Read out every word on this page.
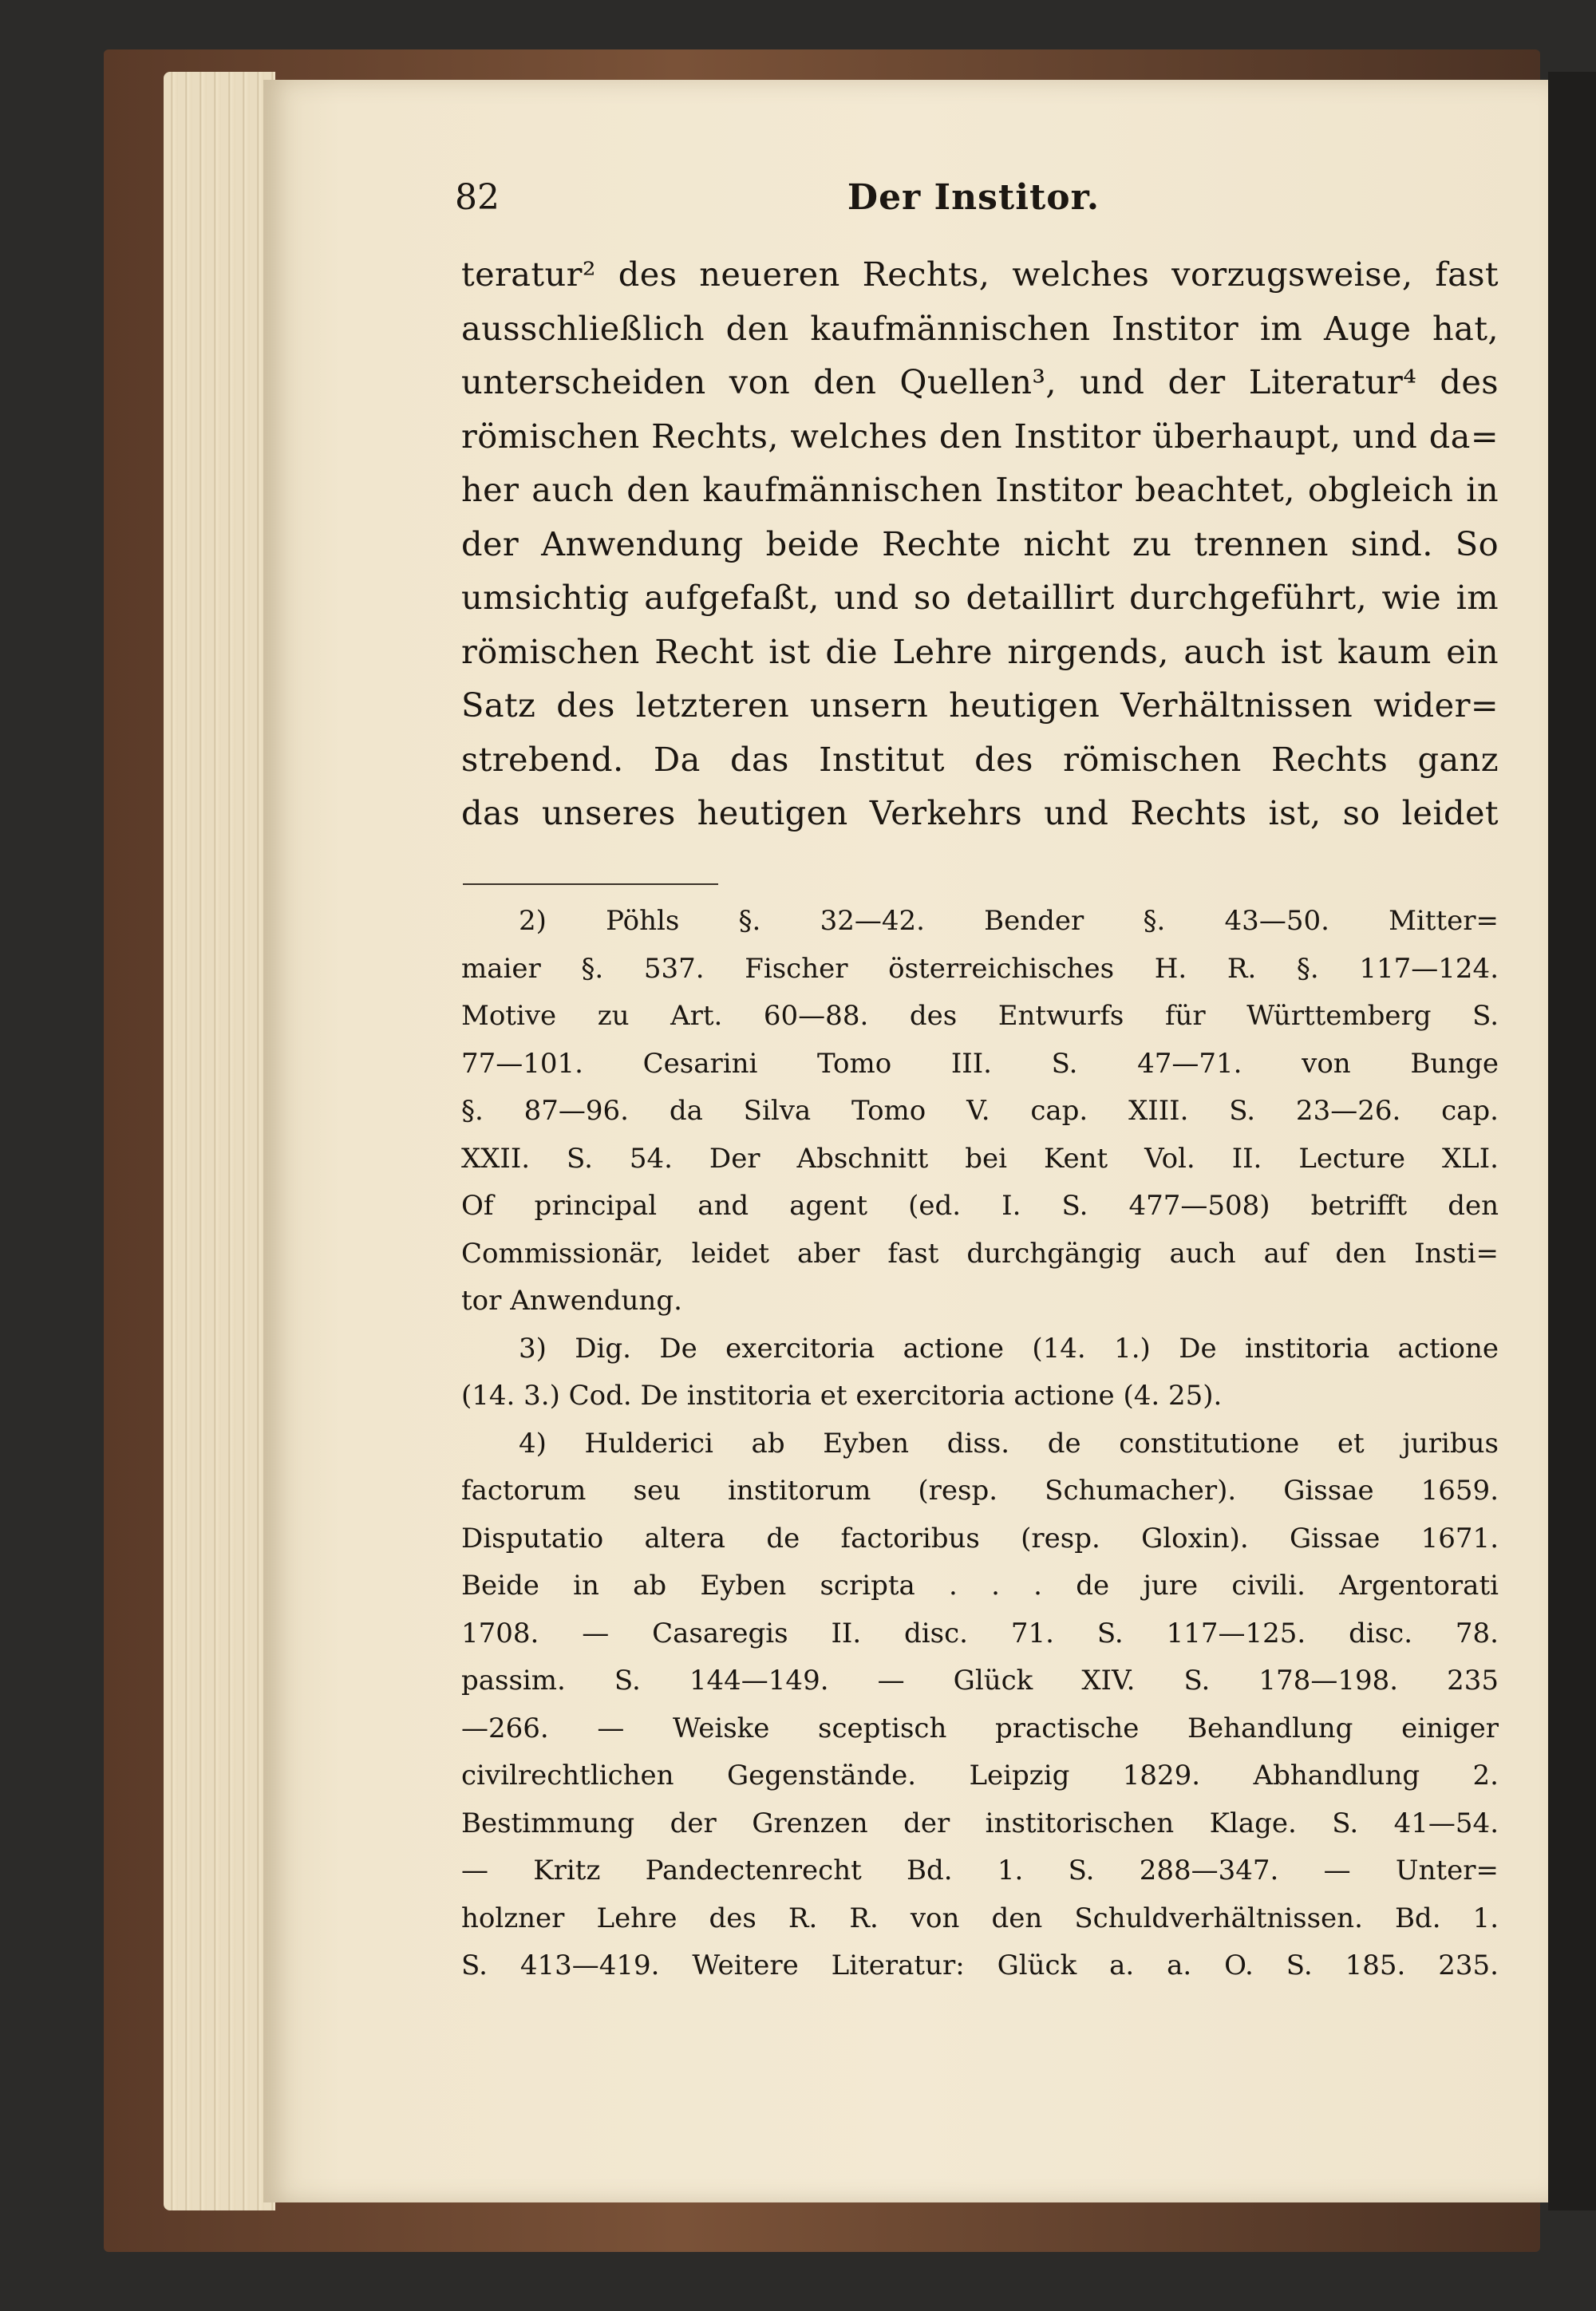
82	Der Institor.
teratur² des neueren Rechts, welches vorzugsweise, fast
ausschließlich den kaufmännischen Institor im Auge hat,
unterscheiden von den Quellen³, und der Literatur⁴ des
römischen Rechts, welches den Institor überhaupt, und da=
her auch den kaufmännischen Institor beachtet, obgleich in
der Anwendung beide Rechte nicht zu trennen sind. So
umsichtig aufgefaßt, und so detaillirt durchgeführt, wie im
römischen Recht ist die Lehre nirgends, auch ist kaum ein
Satz des letzteren unsern heutigen Verhältnissen wider=
strebend. Da das Institut des römischen Rechts ganz
das unseres heutigen Verkehrs und Rechts ist, so leidet
2) Pöhls §. 32—42. Bender §. 43—50. Mitter=
maier §. 537. Fischer österreichisches H. R. §. 117—124.
Motive zu Art. 60—88. des Entwurfs für Württemberg S.
77—101. Cesarini Tomo III. S. 47—71. von Bunge
§. 87—96. da Silva Tomo V. cap. XIII. S. 23—26. cap.
XXII. S. 54. Der Abschnitt bei Kent Vol. II. Lecture XLI.
Of principal and agent (ed. I. S. 477—508) betrifft den
Commissionär, leidet aber fast durchgängig auch auf den Insti=
tor Anwendung.
3) Dig. De exercitoria actione (14. 1.) De institoria actione
(14. 3.) Cod. De institoria et exercitoria actione (4. 25).
4) Hulderici ab Eyben diss. de constitutione et juribus
factorum seu institorum (resp. Schumacher). Gissae 1659.
Disputatio altera de factoribus (resp. Gloxin). Gissae 1671.
Beide in ab Eyben scripta . . . de jure civili. Argentorati
1708. — Casaregis II. disc. 71. S. 117—125. disc. 78.
passim. S. 144—149. — Glück XIV. S. 178—198. 235
—266. — Weiske sceptisch practische Behandlung einiger
civilrechtlichen Gegenstände. Leipzig 1829. Abhandlung 2.
Bestimmung der Grenzen der institorischen Klage. S. 41—54.
— Kritz Pandectenrecht Bd. 1. S. 288—347. — Unter=
holzner Lehre des R. R. von den Schuldverhältnissen. Bd. 1.
S. 413—419. Weitere Literatur: Glück a. a. O. S. 185. 235.
